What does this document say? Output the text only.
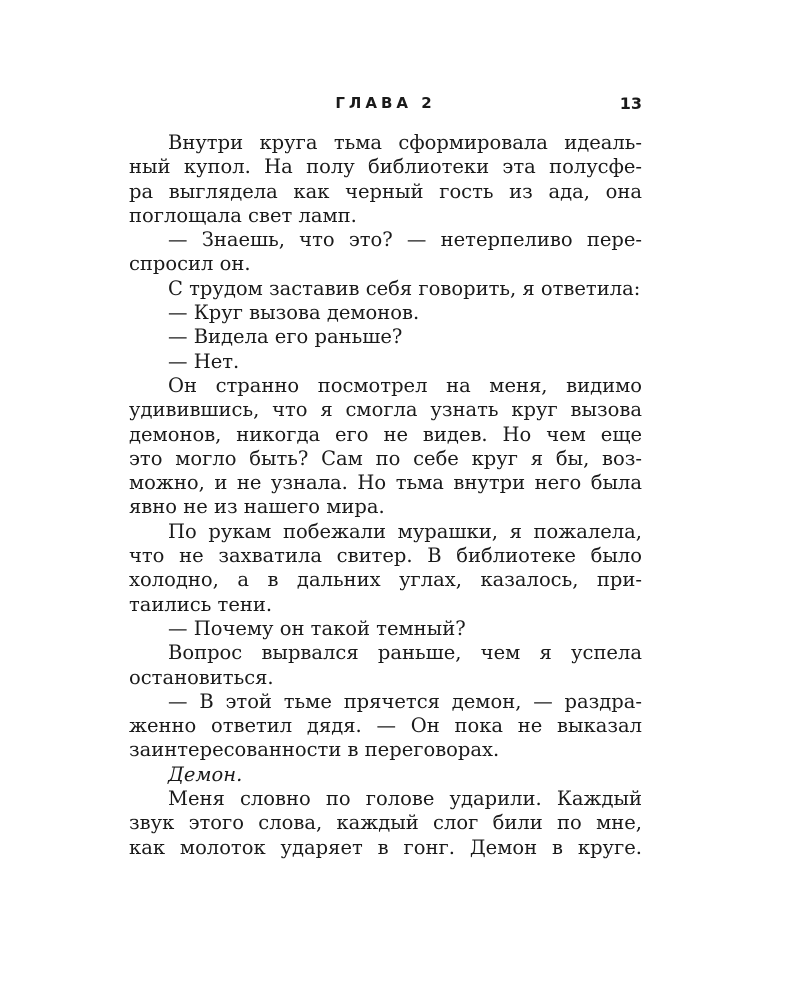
ГЛАВА 2	13
Внутри круга тьма сформировала идеаль-
ный купол. На полу библиотеки эта полусфе-
ра выглядела как черный гость из ада, она
поглощала свет ламп.
— Знаешь, что это? — нетерпеливо пере-
спросил он.
С трудом заставив себя говорить, я ответила:
— Круг вызова демонов.
— Видела его раньше?
— Нет.
Он странно посмотрел на меня, видимо
удивившись, что я смогла узнать круг вызова
демонов, никогда его не видев. Но чем еще
это могло быть? Сам по себе круг я бы, воз-
можно, и не узнала. Но тьма внутри него была
явно не из нашего мира.
По рукам побежали мурашки, я пожалела,
что не захватила свитер. В библиотеке было
холодно, а в дальних углах, казалось, при-
таились тени.
— Почему он такой темный?
Вопрос вырвался раньше, чем я успела
остановиться.
— В этой тьме прячется демон, — раздра-
женно ответил дядя. — Он пока не выказал
заинтересованности в переговорах.
Демон.
Меня словно по голове ударили. Каждый
звук этого слова, каждый слог били по мне,
как молоток ударяет в гонг. Демон в круге.
